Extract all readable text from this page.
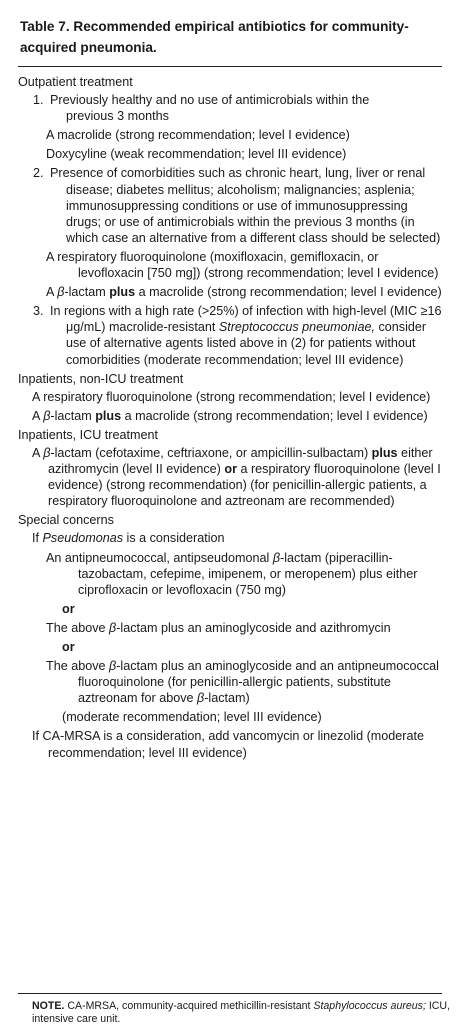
Table 7. Recommended empirical antibiotics for community-acquired pneumonia.
Outpatient treatment
1. Previously healthy and no use of antimicrobials within the
previous 3 months
A macrolide (strong recommendation; level I evidence)
Doxycyline (weak recommendation; level III evidence)
2. Presence of comorbidities such as chronic heart, lung, liver or renal disease; diabetes mellitus; alcoholism; malignancies; asplenia; immunosuppressing conditions or use of immunosuppressing drugs; or use of antimicrobials within the previous 3 months (in which case an alternative from a different class should be selected)
A respiratory fluoroquinolone (moxifloxacin, gemifloxacin, or levofloxacin [750 mg]) (strong recommendation; level I evidence)
A β-lactam plus a macrolide (strong recommendation; level I evidence)
3. In regions with a high rate (>25%) of infection with high-level (MIC ≥16 μg/mL) macrolide-resistant Streptococcus pneumoniae, consider use of alternative agents listed above in (2) for patients without comorbidities (moderate recommendation; level III evidence)
Inpatients, non-ICU treatment
A respiratory fluoroquinolone (strong recommendation; level I evidence)
A β-lactam plus a macrolide (strong recommendation; level I evidence)
Inpatients, ICU treatment
A β-lactam (cefotaxime, ceftriaxone, or ampicillin-sulbactam) plus either azithromycin (level II evidence) or a respiratory fluoroquinolone (level I evidence) (strong recommendation) (for penicillin-allergic patients, a respiratory fluoroquinolone and aztreonam are recommended)
Special concerns
If Pseudomonas is a consideration
An antipneumococcal, antipseudomonal β-lactam (piperacillin-tazobactam, cefepime, imipenem, or meropenem) plus either ciprofloxacin or levofloxacin (750 mg)
or
The above β-lactam plus an aminoglycoside and azithromycin
or
The above β-lactam plus an aminoglycoside and an antipneumococcal fluoroquinolone (for penicillin-allergic patients, substitute aztreonam for above β-lactam)
(moderate recommendation; level III evidence)
If CA-MRSA is a consideration, add vancomycin or linezolid (moderate recommendation; level III evidence)
NOTE. CA-MRSA, community-acquired methicillin-resistant Staphylococcus aureus; ICU, intensive care unit.
